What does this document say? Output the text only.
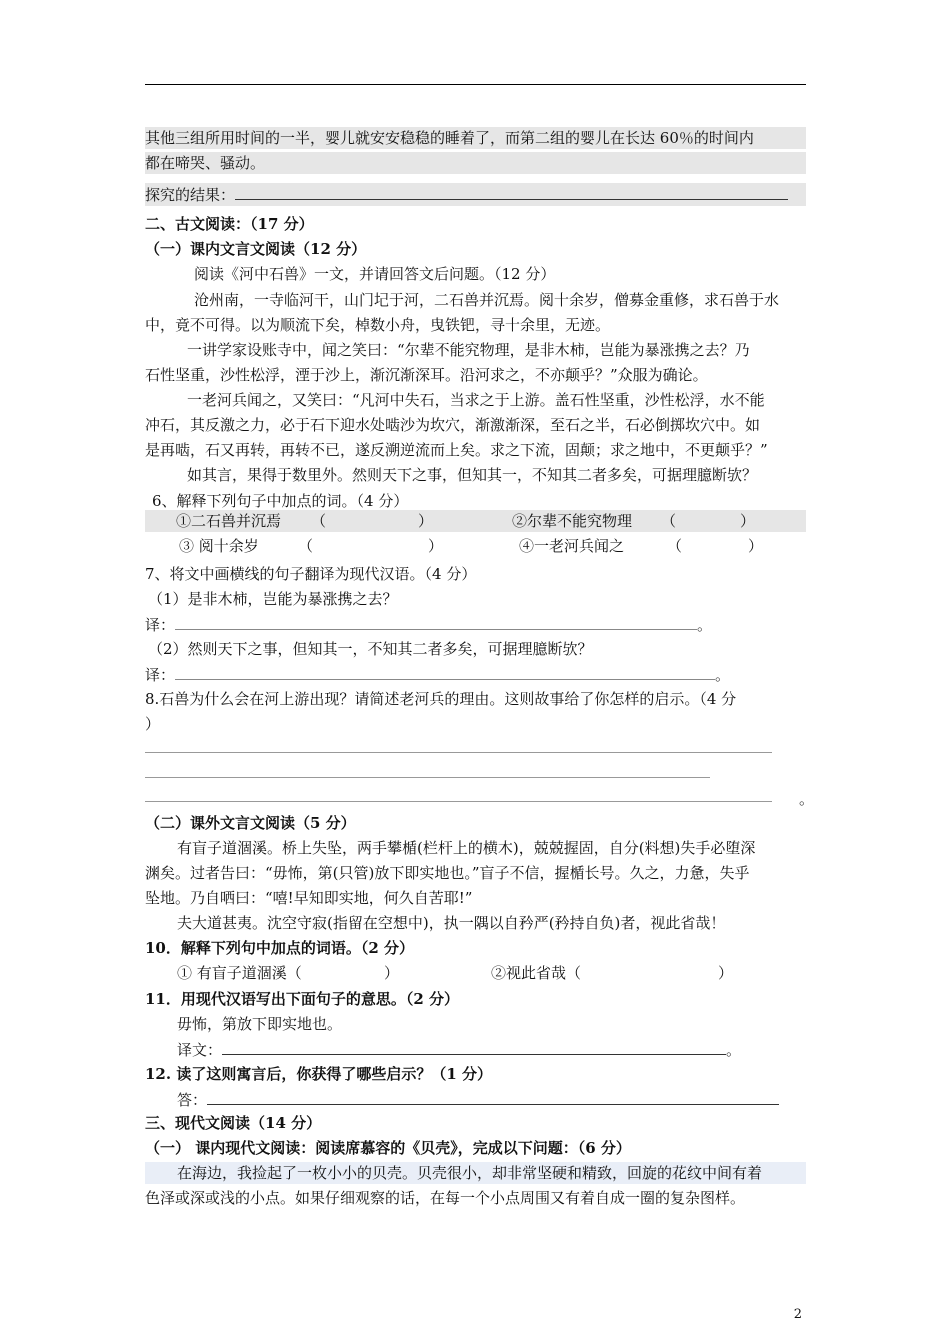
其他三组所用时间的一半，婴儿就安安稳稳的睡着了，而第二组的婴儿在长达 60％的时间内
都在啼哭、骚动。
探究的结果：
二、古文阅读：（17 分）
（一）课内文言文阅读（12 分）
阅读《河中石兽》一文，并请回答文后问题。（12 分）
沧州南，一寺临河干，山门圮于河，二石兽并沉焉。阅十余岁，僧募金重修，求石兽于水
中，竟不可得。以为顺流下矣，棹数小舟，曳铁钯，寻十余里，无迹。
一讲学家设账寺中，闻之笑曰：“尔辈不能究物理，是非木柿，岂能为暴涨携之去？乃
石性坚重，沙性松浮，湮于沙上，渐沉渐深耳。沿河求之，不亦颠乎？”众服为确论。
一老河兵闻之，又笑曰：“凡河中失石，当求之于上游。盖石性坚重，沙性松浮，水不能
冲石，其反激之力，必于石下迎水处啮沙为坎穴，渐激渐深，至石之半，石必倒掷坎穴中。如
是再啮，石又再转，再转不已，遂反溯逆流而上矣。求之下流，固颠；求之地中，不更颠乎？”
如其言，果得于数里外。然则天下之事，但知其一，不知其二者多矣，可据理臆断欤？
6、解释下列句子中加点的词。（4 分）
①二石兽并沉焉 （	）	②尔辈不能究物理 （	）
③ 阅十余岁	（	）	④一老河兵闻之	（	）
7、将文中画横线的句子翻译为现代汉语。（4 分）
（1）是非木柿，岂能为暴涨携之去？
译：	。
（2）然则天下之事，但知其一，不知其二者多矣，可据理臆断欤？
译：	。
8.石兽为什么会在河上游出现？请简述老河兵的理由。这则故事给了你怎样的启示。（4 分
）
。
（二）课外文言文阅读（5 分）
有盲子道涸溪。桥上失坠，两手攀楯(栏杆上的横木)，兢兢握固，自分(料想)失手必堕深
渊矣。过者告曰：“毋怖，第(只管)放下即实地也。”盲子不信，握楯长号。久之，力惫，失乎
坠地。乃自哂曰：“嘻!早知即实地，何久自苦耶!”
夫大道甚夷。沈空守寂(指留在空想中)，执一隅以自矜严(矜持自负)者，视此省哉！
10．解释下列句中加点的词语。（2 分）
① 有盲子道涸溪（	）	②视此省哉（	）
11．用现代汉语写出下面句子的意思。（2 分）
毋怖，第放下即实地也。
译文：	。
12. 读了这则寓言后，你获得了哪些启示？（1 分）
答：
三、现代文阅读（14 分）
（一） 课内现代文阅读：阅读席慕容的《贝壳》，完成以下问题：（6 分）
在海边，我捡起了一枚小小的贝壳。贝壳很小，却非常坚硬和精致，回旋的花纹中间有着
色泽或深或浅的小点。如果仔细观察的话，在每一个小点周围又有着自成一圈的复杂图样。
2
